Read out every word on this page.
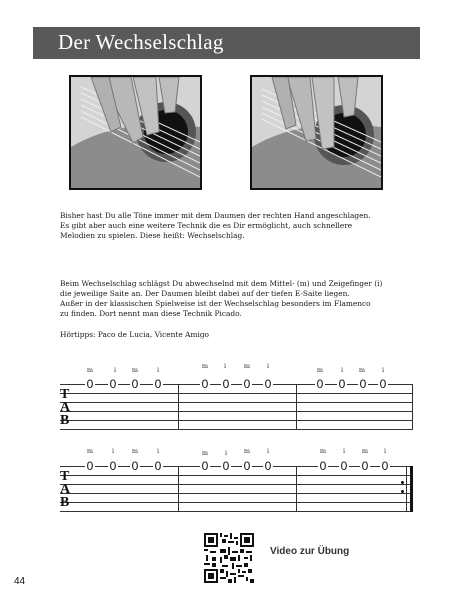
Der Wechselschlag
Bisher hast Du alle Töne immer mit dem Daumen der rechten Hand angeschlagen.
Es gibt aber auch eine weitere Technik die es Dir ermöglicht, auch schnellere
Melodien zu spielen. Diese heißt: Wechselschlag.
Beim Wechselschlag schlägst Du abwechselnd mit dem Mittel- (m) und Zeigefinger (i)
die jeweilige Saite an. Der Daumen bleibt dabei auf der tiefen E-Saite liegen.
Außer in der klassischen Spielweise ist der Wechselschlag besonders im Flamenco
zu finden. Dort nennt man diese Technik Picado.
Hörtipps: Paco de Lucia, Vicente Amigo
m	i	m	i	m	i	m	i	m	i	m	i
T
A
B
0 0 0 0	0 0 0 0	0 0 0 0
m	i	m	i	m	i	m	i	m	i	m	i
T
A
B
0 0 0 0	0 0 0 0	0 0 0 0
Video zur Übung
44
